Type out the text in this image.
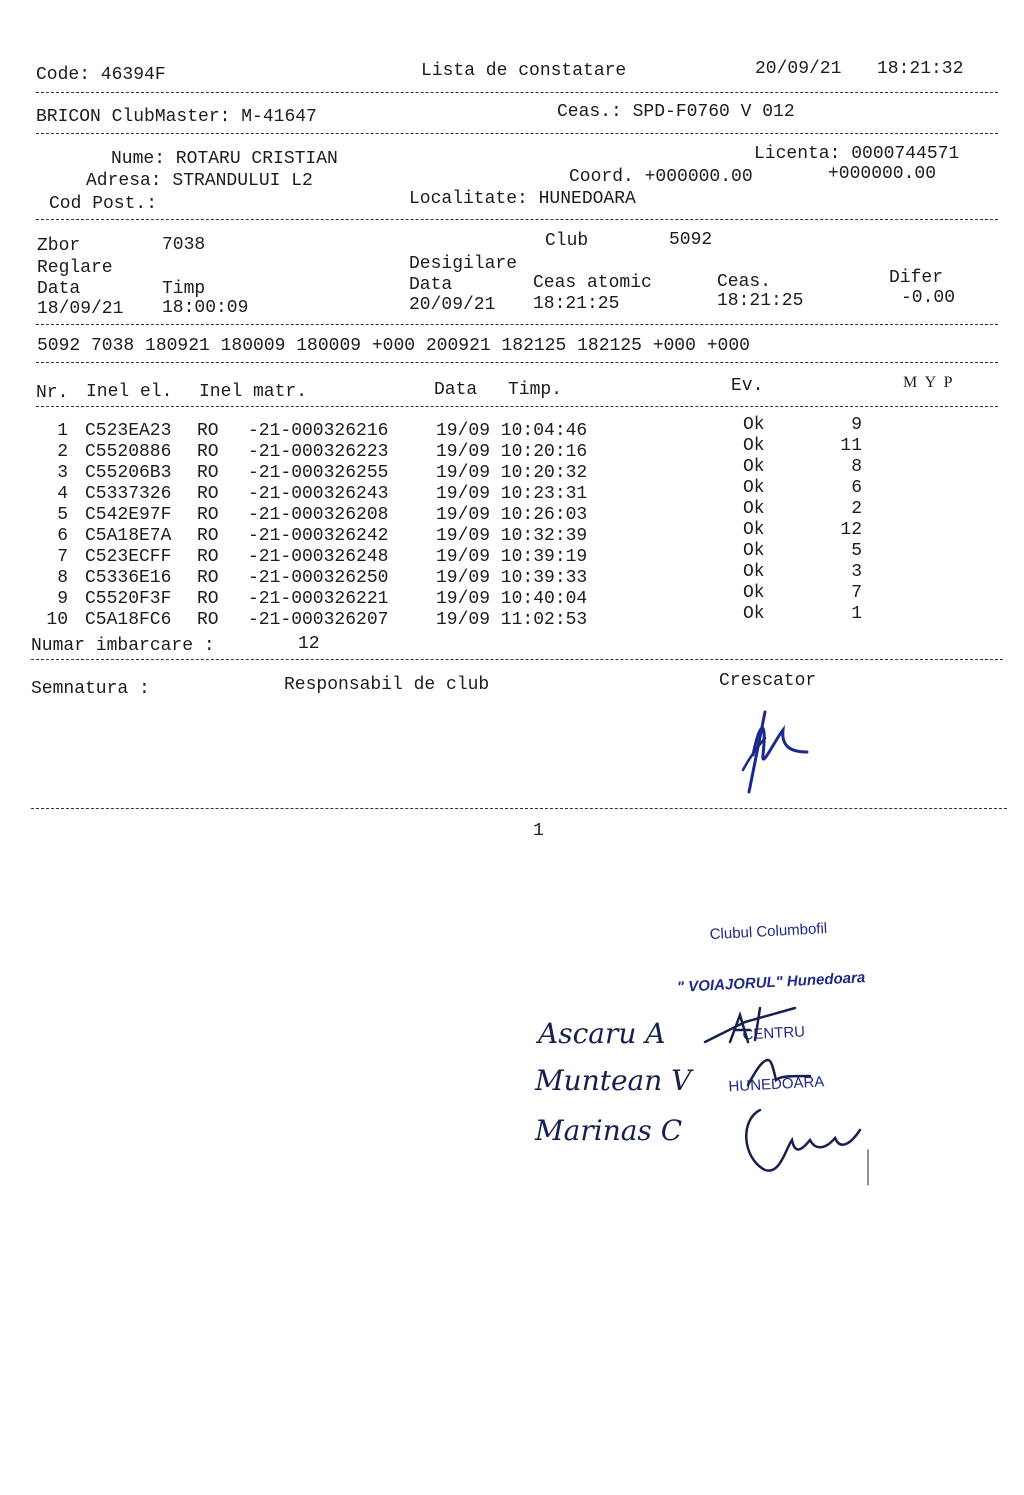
Code: 46394F	Lista de constatare	20/09/21 18:21:32
BRICON ClubMaster: M-41647	Ceas.: SPD-F0760 V 012
Nume: ROTARU CRISTIAN
Adresa: STRANDULUI L2
Cod Post.:
Licenta: 0000744571
Coord. +000000.00	+000000.00
Localitate: HUNEDOARA
Zbor	7038	Club	5092
Reglare	Desigilare
Data	Timp	Data	Ceas atomic	Ceas.	Difer
18/09/21 18:00:09	20/09/21 18:21:25	18:21:25	-0.00
5092 7038 180921 180009 180009 +000 200921 182125 182125 +000 +000
Nr. Inel el. Inel matr.	Data Timp.	Ev.	M  Y  P
1 C523EA23 RO -21-000326216	19/09 10:04:46	Ok	9
2 C5520886 RO -21-000326223	19/09 10:20:16	Ok	11
3 C55206B3 RO -21-000326255	19/09 10:20:32	Ok	8
4 C5337326 RO -21-000326243	19/09 10:23:31	Ok	6
5 C542E97F RO -21-000326208	19/09 10:26:03	Ok	2
6 C5A18E7A RO -21-000326242	19/09 10:32:39	Ok	12
7 C523ECFF RO -21-000326248	19/09 10:39:19	Ok	5
8 C5336E16 RO -21-000326250	19/09 10:39:33	Ok	3
9 C5520F3F RO -21-000326221	19/09 10:40:04	Ok	7
10 C5A18FC6 RO -21-000326207	19/09 11:02:53	Ok	1
Numar imbarcare :	12
Semnatura :	Responsabil de club	Crescator
1

Clubul Columbofil

" VOIAJORUL" Hunedoara

CENTRU

HUNEDOARA

Ascaru A
Muntean V
Marinas C
